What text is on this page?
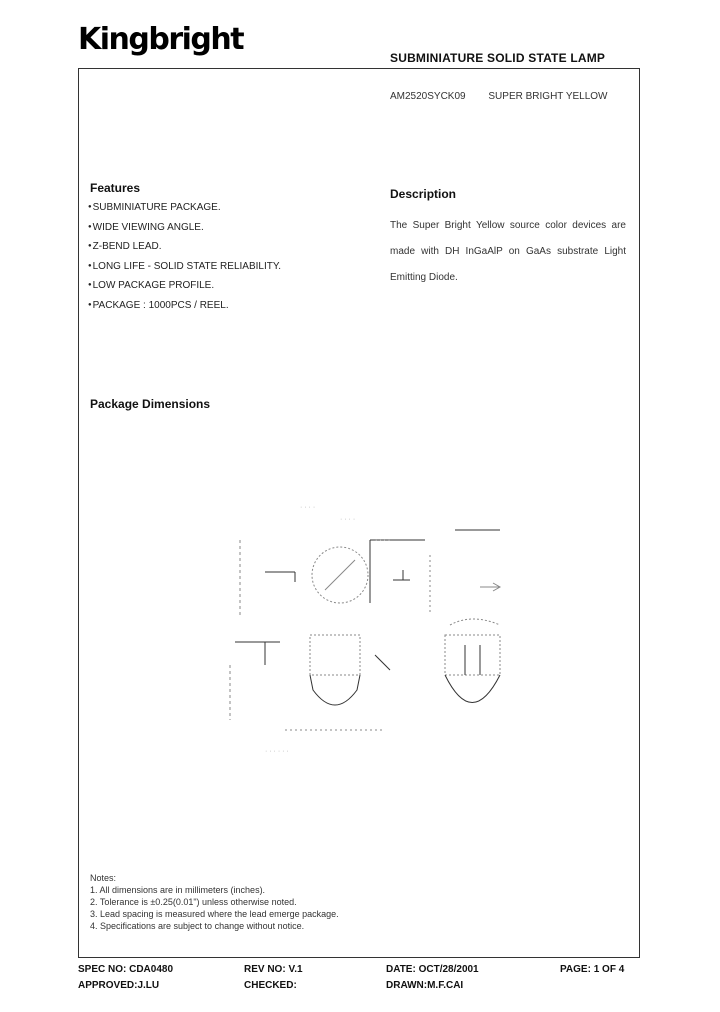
Kingbright
SUBMINIATURE SOLID STATE LAMP
AM2520SYCK09 SUPER BRIGHT YELLOW
Features
● SUBMINIATURE PACKAGE.
● WIDE VIEWING ANGLE.
● Z-BEND LEAD.
● LONG LIFE - SOLID STATE RELIABILITY.
● LOW PACKAGE PROFILE.
● PACKAGE : 1000PCS / REEL.
Description
The Super Bright Yellow source color devices are made with DH InGaAlP on GaAs substrate Light Emitting Diode.
Package Dimensions
· · · ·
· · · ·
· · · ·
· · · · · ·
Notes:
1. All dimensions are in millimeters (inches).
2. Tolerance is ±0.25(0.01") unless otherwise noted.
3. Lead spacing is measured where the lead emerge package.
4. Specifications are subject to change without notice.
SPEC NO: CDA0480	REV NO: V.1	DATE: OCT/28/2001	PAGE: 1 OF 4
APPROVED:J.LU	CHECKED:	DRAWN:M.F.CAI
